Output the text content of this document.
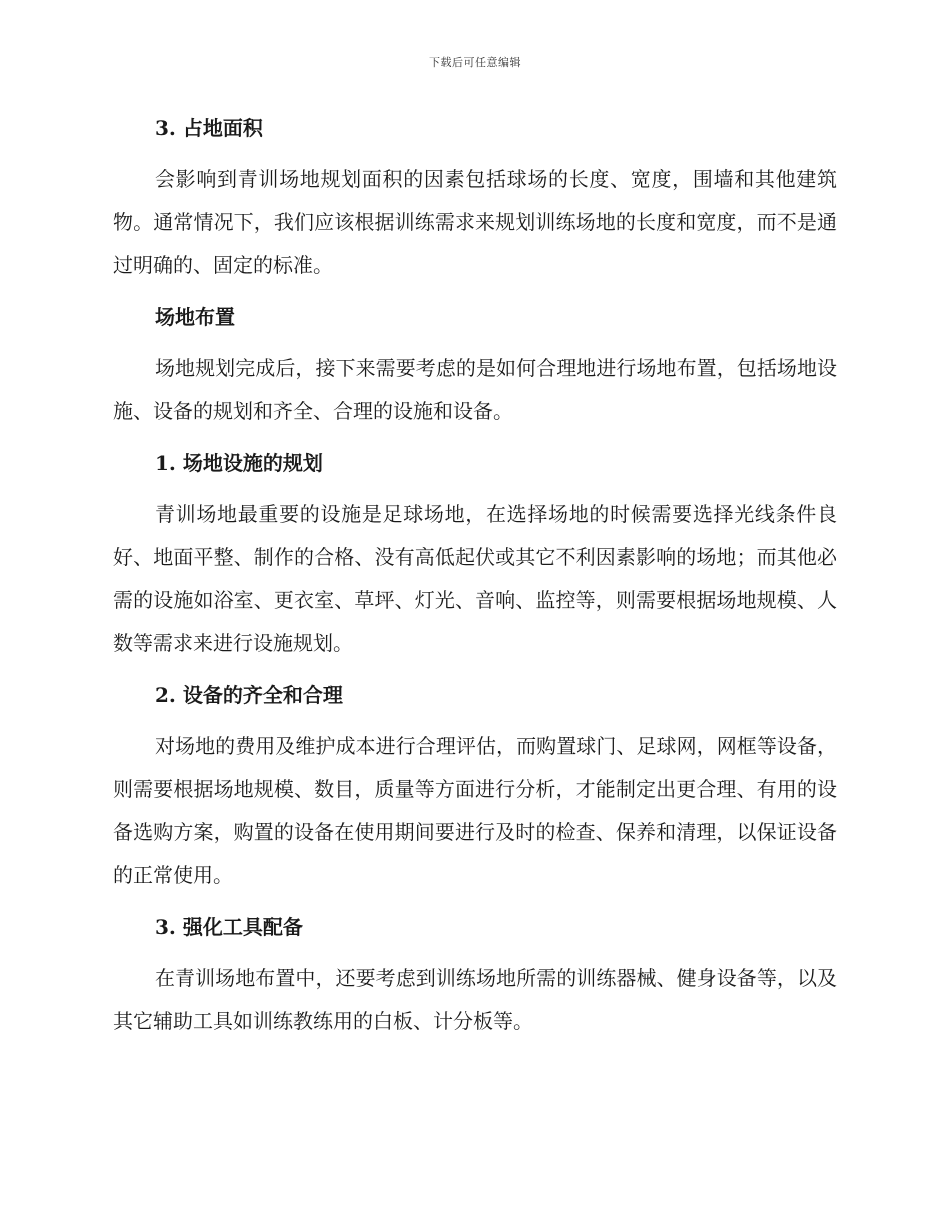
下载后可任意编辑
3. 占地面积

会影响到青训场地规划面积的因素包括球场的长度、宽度，围墙和其他建筑物。通常情况下，我们应该根据训练需求来规划训练场地的长度和宽度，而不是通过明确的、固定的标准。

场地布置

场地规划完成后，接下来需要考虑的是如何合理地进行场地布置，包括场地设施、设备的规划和齐全、合理的设施和设备。

1. 场地设施的规划

青训场地最重要的设施是足球场地，在选择场地的时候需要选择光线条件良好、地面平整、制作的合格、没有高低起伏或其它不利因素影响的场地；而其他必需的设施如浴室、更衣室、草坪、灯光、音响、监控等，则需要根据场地规模、人数等需求来进行设施规划。

2. 设备的齐全和合理

对场地的费用及维护成本进行合理评估，而购置球门、足球网，网框等设备，则需要根据场地规模、数目，质量等方面进行分析，才能制定出更合理、有用的设备选购方案，购置的设备在使用期间要进行及时的检查、保养和清理，以保证设备的正常使用。

3. 强化工具配备

在青训场地布置中，还要考虑到训练场地所需的训练器械、健身设备等，以及其它辅助工具如训练教练用的白板、计分板等。
